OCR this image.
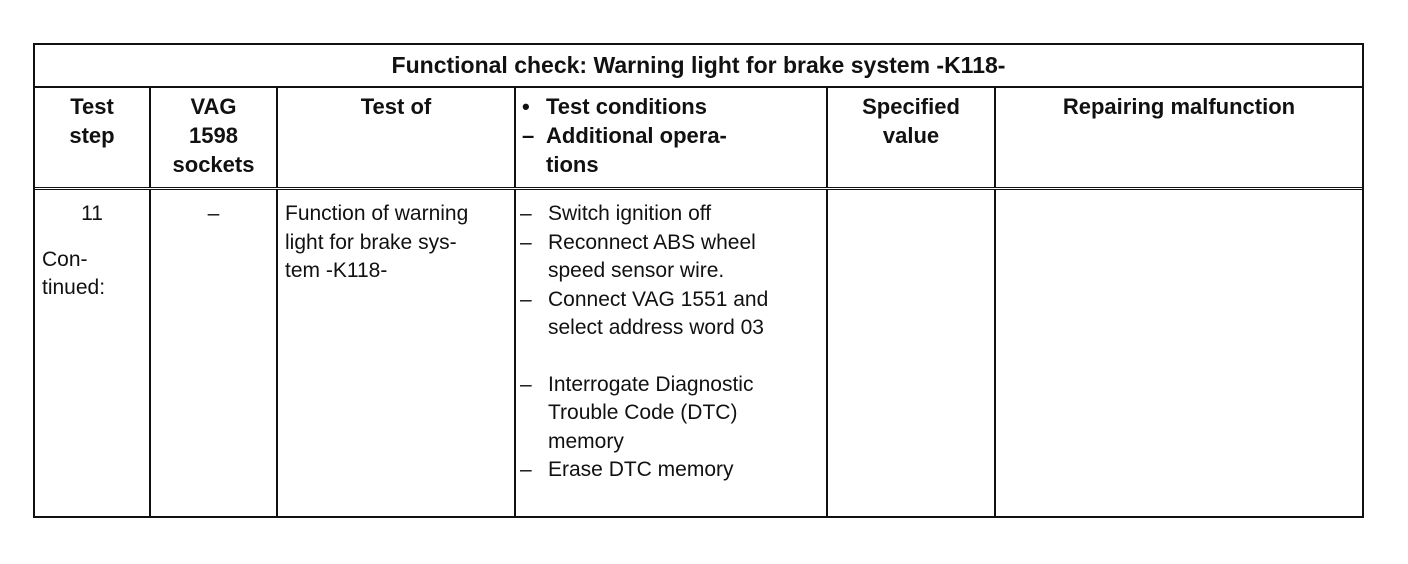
Functional check: Warning light for brake system -K118-
Test
step
VAG
1598
sockets
Test of	• Test conditions
– Additional opera-
tions
Specified
value
Repairing malfunction
11
Con-
tinued:
–	Function of warning
light for brake sys-
tem -K118-
– Switch ignition off
– Reconnect ABS wheel
speed sensor wire.
– Connect VAG 1551 and
select address word 03
– Interrogate Diagnostic
Trouble Code (DTC)
memory
– Erase DTC memory
